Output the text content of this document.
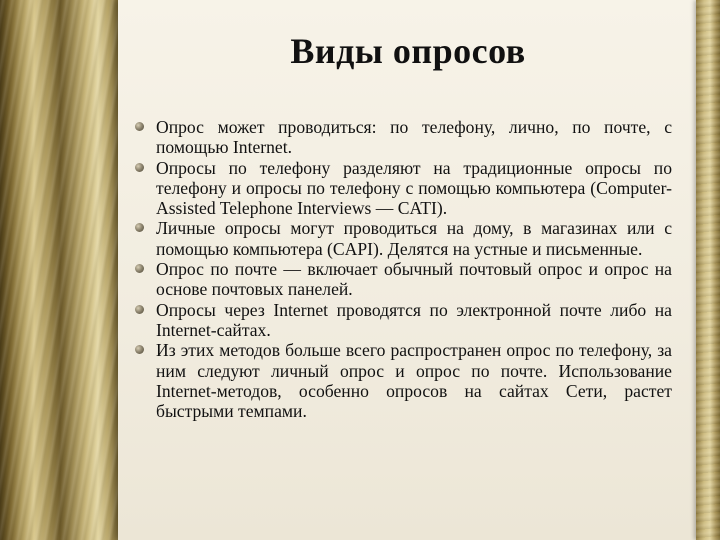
Виды опросов
Опрос может проводиться: по телефону, лично, по почте, с помощью Internet.
Опросы по телефону разделяют на традиционные опросы по телефону и опросы по телефону с помощью компьютера (Computer-Assisted Telephone Interviews — CATI).
Личные опросы могут проводиться на дому, в магазинах или с помощью компьютера (CAPI). Делятся на устные и письменные.
Опрос по почте — включает обычный почтовый опрос и опрос на основе почтовых панелей.
Опросы через Internet проводятся по электронной почте либо на Internet-сайтах.
Из этих методов больше всего распространен опрос по телефону, за ним следуют личный опрос и опрос по почте. Использование Internet-методов, особенно опросов на сайтах Сети, растет быстрыми темпами.
